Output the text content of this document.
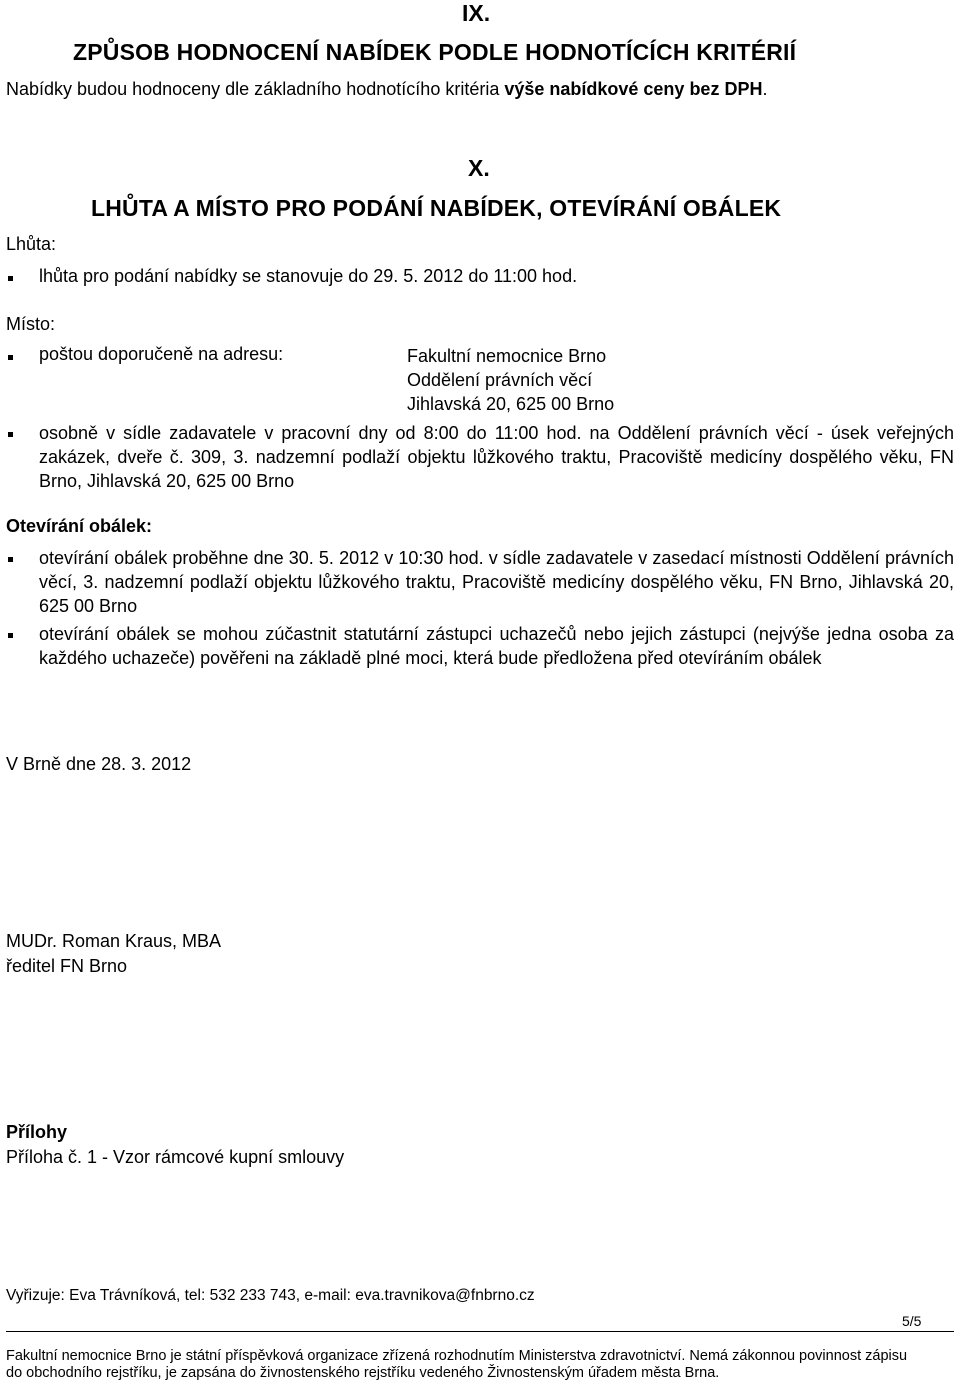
IX.
ZPŮSOB HODNOCENÍ NABÍDEK PODLE HODNOTÍCÍCH KRITÉRIÍ
Nabídky budou hodnoceny dle základního hodnotícího kritéria výše nabídkové ceny bez DPH.
X.
LHŮTA A MÍSTO PRO PODÁNÍ NABÍDEK, OTEVÍRÁNÍ OBÁLEK
Lhůta:
lhůta pro podání nabídky se stanovuje do 29. 5. 2012 do 11:00 hod.
Místo:
poštou doporučeně na adresu:	Fakultní nemocnice Brno
Oddělení právních věcí
Jihlavská 20, 625 00 Brno
osobně v sídle zadavatele v pracovní dny od 8:00 do 11:00 hod. na Oddělení právních věcí - úsek veřejných zakázek, dveře č. 309, 3. nadzemní podlaží objektu lůžkového traktu, Pracoviště medicíny dospělého věku, FN Brno, Jihlavská 20, 625 00 Brno
Otevírání obálek:
otevírání obálek proběhne dne 30. 5. 2012 v 10:30 hod. v sídle zadavatele v zasedací místnosti Oddělení právních věcí, 3. nadzemní podlaží objektu lůžkového traktu, Pracoviště medicíny dospělého věku, FN Brno, Jihlavská 20, 625 00 Brno
otevírání obálek se mohou zúčastnit statutární zástupci uchazečů nebo jejich zástupci (nejvýše jedna osoba za každého uchazeče) pověřeni na základě plné moci, která bude předložena před otevíráním obálek
V Brně dne 28. 3. 2012
MUDr. Roman Kraus, MBA
ředitel FN Brno
Přílohy
Příloha č. 1 - Vzor rámcové kupní smlouvy
Vyřizuje: Eva Trávníková, tel: 532 233 743, e-mail: eva.travnikova@fnbrno.cz
5/5
Fakultní nemocnice Brno je státní příspěvková organizace zřízená rozhodnutím Ministerstva zdravotnictví. Nemá zákonnou povinnost zápisu
do obchodního rejstříku, je zapsána do živnostenského rejstříku vedeného Živnostenským úřadem města Brna.
